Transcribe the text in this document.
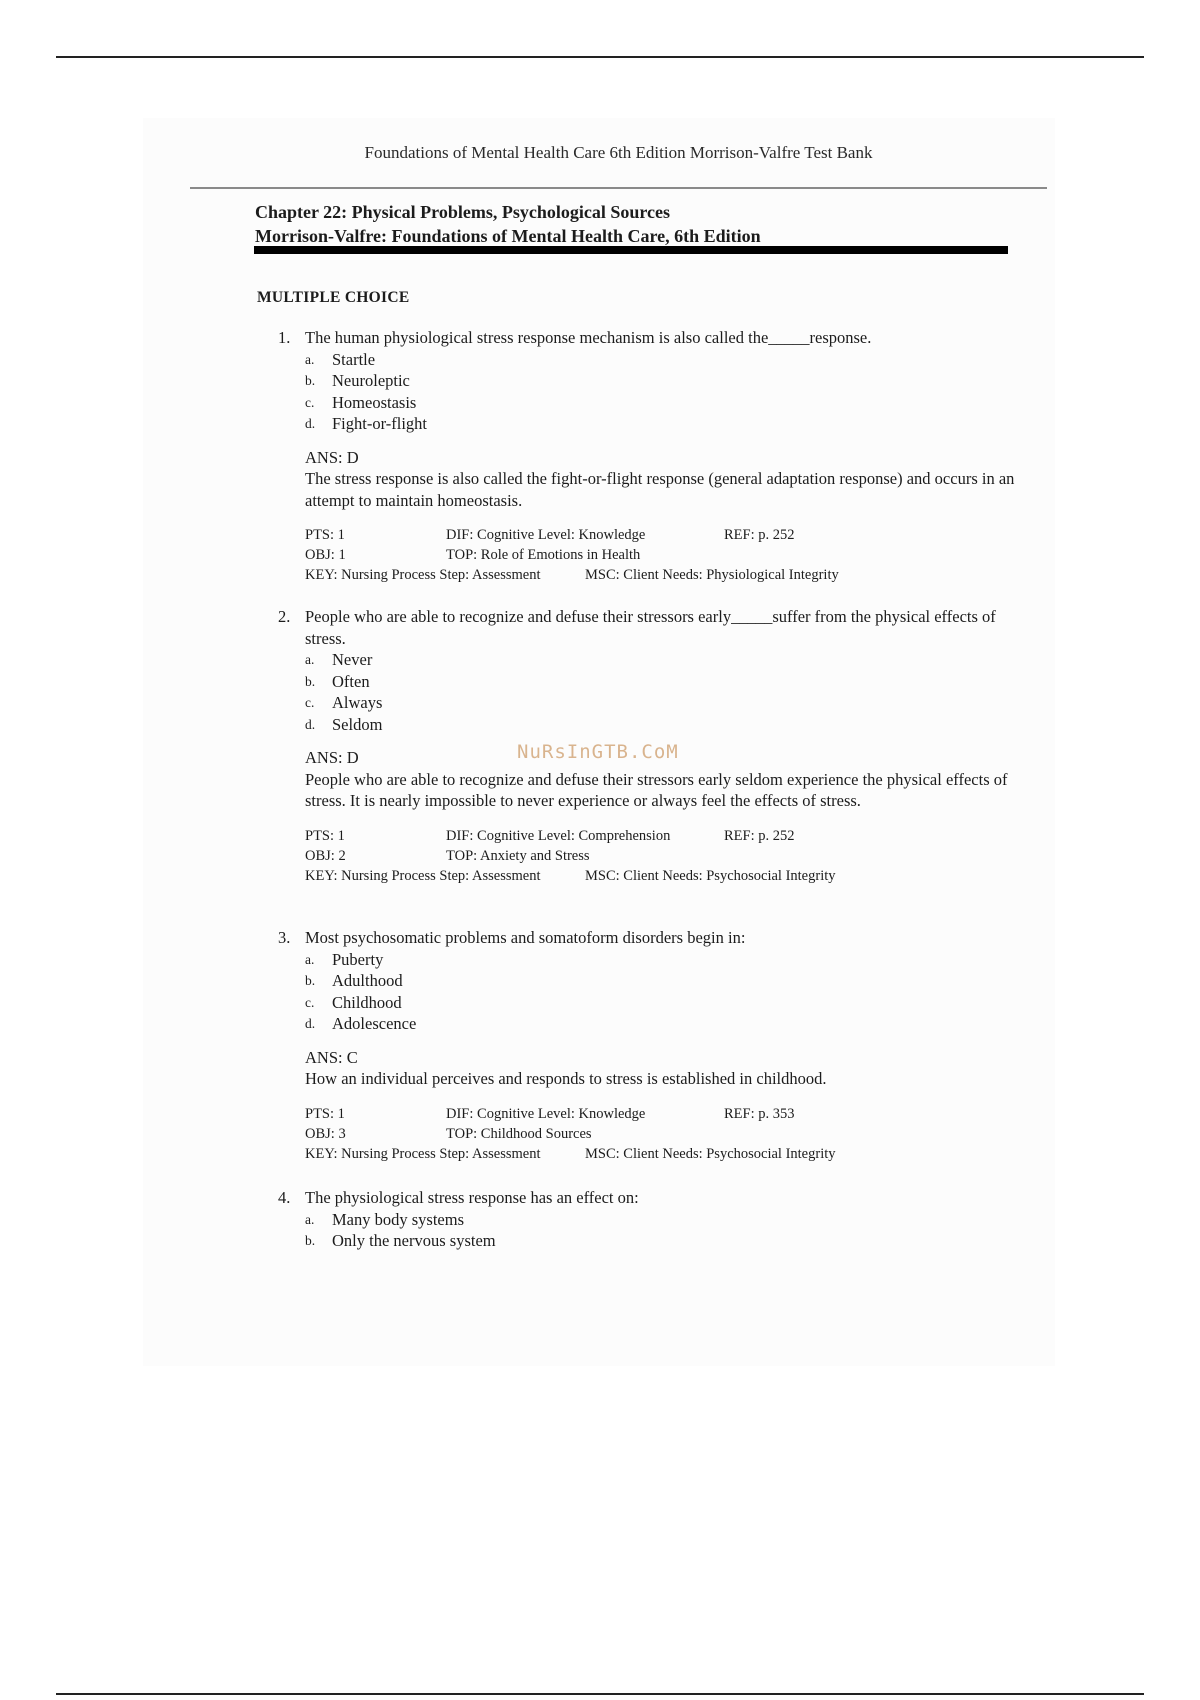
Foundations of Mental Health Care 6th Edition Morrison-Valfre Test Bank
Chapter 22: Physical Problems, Psychological Sources
Morrison-Valfre: Foundations of Mental Health Care, 6th Edition
MULTIPLE CHOICE
1. The human physiological stress response mechanism is also called the_____response.
a. Startle
b. Neuroleptic
c. Homeostasis
d. Fight-or-flight
ANS: D
The stress response is also called the fight-or-flight response (general adaptation response) and occurs in an attempt to maintain homeostasis.
PTS: 1	DIF: Cognitive Level: Knowledge	REF: p. 252
OBJ: 1	TOP: Role of Emotions in Health
KEY: Nursing Process Step: Assessment	MSC: Client Needs: Physiological Integrity
2. People who are able to recognize and defuse their stressors early_____suffer from the physical effects of stress.
a. Never
b. Often
c. Always
d. Seldom
ANS: D
People who are able to recognize and defuse their stressors early seldom experience the physical effects of stress. It is nearly impossible to never experience or always feel the effects of stress.
PTS: 1	DIF: Cognitive Level: Comprehension	REF: p. 252
OBJ: 2	TOP: Anxiety and Stress
KEY: Nursing Process Step: Assessment	MSC: Client Needs: Psychosocial Integrity
3. Most psychosomatic problems and somatoform disorders begin in:
a. Puberty
b. Adulthood
c. Childhood
d. Adolescence
ANS: C
How an individual perceives and responds to stress is established in childhood.
PTS: 1	DIF: Cognitive Level: Knowledge	REF: p. 353
OBJ: 3	TOP: Childhood Sources
KEY: Nursing Process Step: Assessment	MSC: Client Needs: Psychosocial Integrity
4. The physiological stress response has an effect on:
a. Many body systems
b. Only the nervous system
NuRsInGTB.CoM
